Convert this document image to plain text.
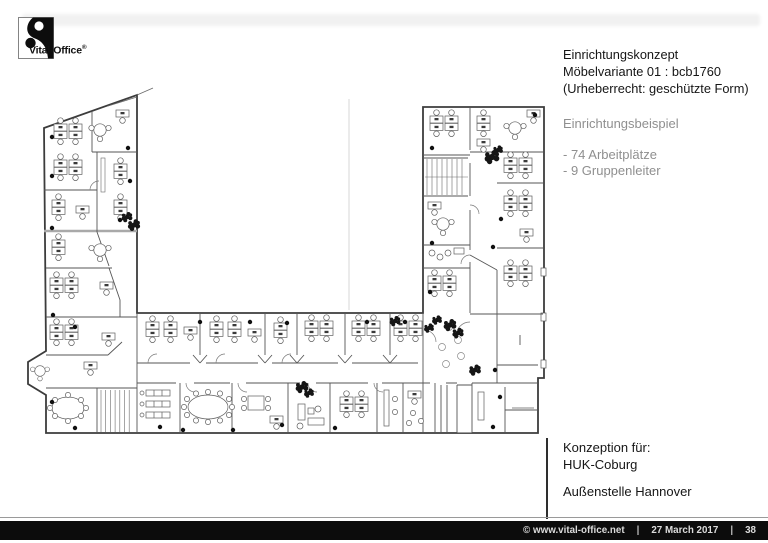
Vital-Office®	Einrichtungskonzept
Möbelvariante 01 : bcb1760
(Urheberrecht: geschützte Form)
Einrichtungsbeispiel
- 74 Arbeitplätze
- 9 Gruppenleiter
Konzeption für:
HUK-Coburg
Außenstelle Hannover
© www.vital-office.net | 27 March 2017 | 38
